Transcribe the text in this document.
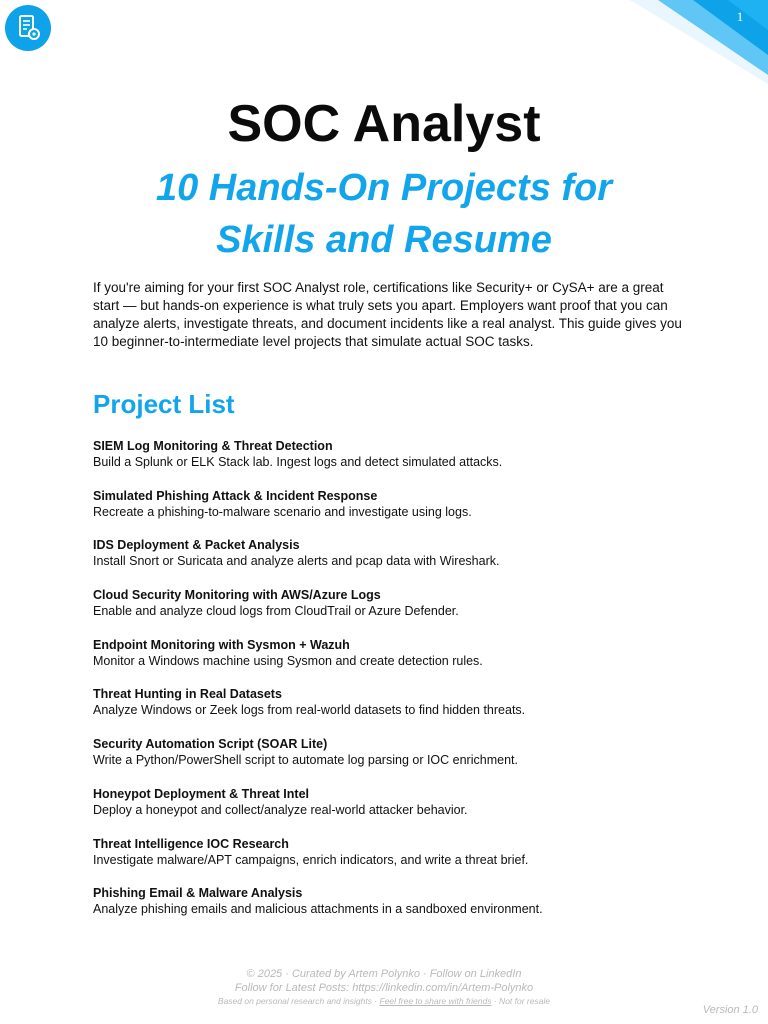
1
SOC Analyst
10 Hands-On Projects for
Skills and Resume

If you're aiming for your first SOC Analyst role, certifications like Security+ or CySA+ are a great start — but hands-on experience is what truly sets you apart. Employers want proof that you can analyze alerts, investigate threats, and document incidents like a real analyst. This guide gives you 10 beginner-to-intermediate level projects that simulate actual SOC tasks.

Project List
SIEM Log Monitoring & Threat Detection
Build a Splunk or ELK Stack lab. Ingest logs and detect simulated attacks.
Simulated Phishing Attack & Incident Response
Recreate a phishing-to-malware scenario and investigate using logs.
IDS Deployment & Packet Analysis
Install Snort or Suricata and analyze alerts and pcap data with Wireshark.
Cloud Security Monitoring with AWS/Azure Logs
Enable and analyze cloud logs from CloudTrail or Azure Defender.
Endpoint Monitoring with Sysmon + Wazuh
Monitor a Windows machine using Sysmon and create detection rules.
Threat Hunting in Real Datasets
Analyze Windows or Zeek logs from real-world datasets to find hidden threats.
Security Automation Script (SOAR Lite)
Write a Python/PowerShell script to automate log parsing or IOC enrichment.
Honeypot Deployment & Threat Intel
Deploy a honeypot and collect/analyze real-world attacker behavior.
Threat Intelligence IOC Research
Investigate malware/APT campaigns, enrich indicators, and write a threat brief.
Phishing Email & Malware Analysis
Analyze phishing emails and malicious attachments in a sandboxed environment.
© 2025 · Curated by Artem Polynko · Follow on LinkedIn
Follow for Latest Posts: https://linkedin.com/in/Artem-Polynko
Based on personal research and insights · Feel free to share with friends · Not for resale
Version 1.0
